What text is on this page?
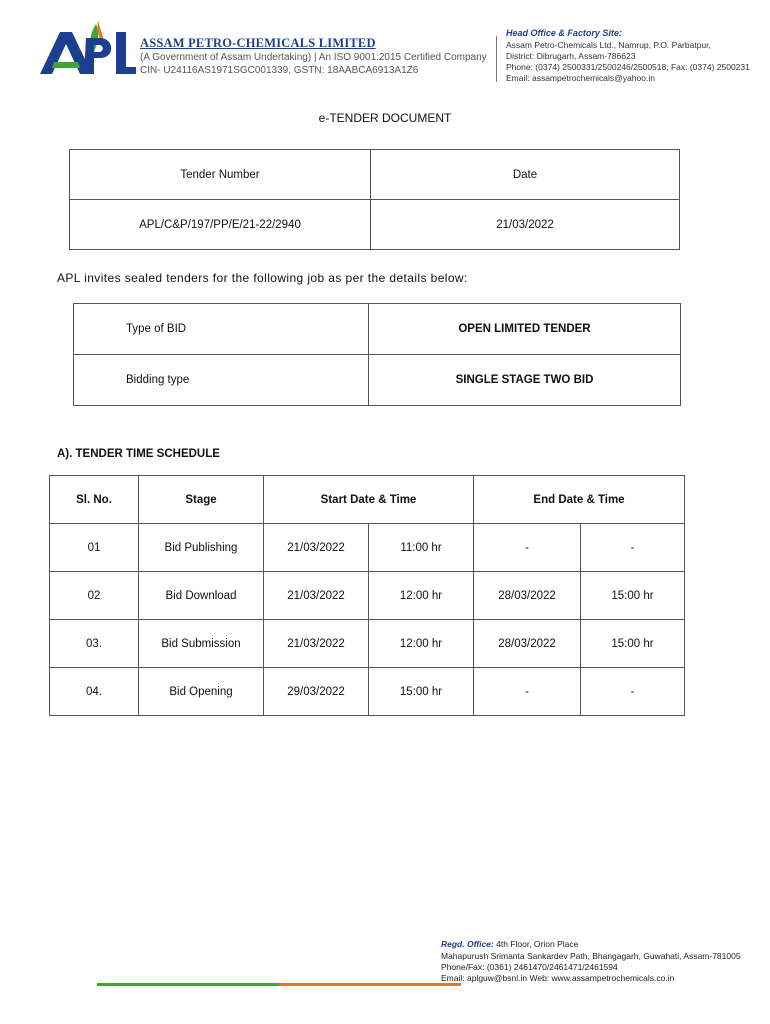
ASSAM PETRO-CHEMICALS LIMITED
(A Government of Assam Undertaking) | An ISO 9001:2015 Certified Company
CIN- U24116AS1971SGC001339, GSTN: 18AABCA6913A1Z6
Head Office & Factory Site:
Assam Petro-Chemicals Ltd., Namrup, P.O. Parbatpur,
District: Dibrugarh, Assam-786623
Phone: (0374) 2500331/2500246/2500518, Fax: (0374) 2500231
Email: assampetrochemicals@yahoo.in
e-TENDER DOCUMENT
Tender Number	Date
APL/C&P/197/PP/E/21-22/2940	21/03/2022
APL invites sealed tenders for the following job as per the details below:
Type of BID	OPEN LIMITED TENDER
Bidding type	SINGLE STAGE TWO BID
A). TENDER TIME SCHEDULE
Sl. No.	Stage	Start Date & Time		End Date & Time	
01	Bid Publishing	21/03/2022	11:00 hr	-	-
02	Bid Download	21/03/2022	12:00 hr	28/03/2022	15:00 hr
03.	Bid Submission	21/03/2022	12:00 hr	28/03/2022	15:00 hr
04.	Bid Opening	29/03/2022	15:00 hr	-	-
Regd. Office: 4th Floor, Orion Place
Mahapurush Srimanta Sankardev Path, Bhangagarh, Guwahati, Assam-781005
Phone/Fax: (0361) 2461470/2461471/2461594
Email: aplguw@bsnl.in Web: www.assampetrochemicals.co.in
